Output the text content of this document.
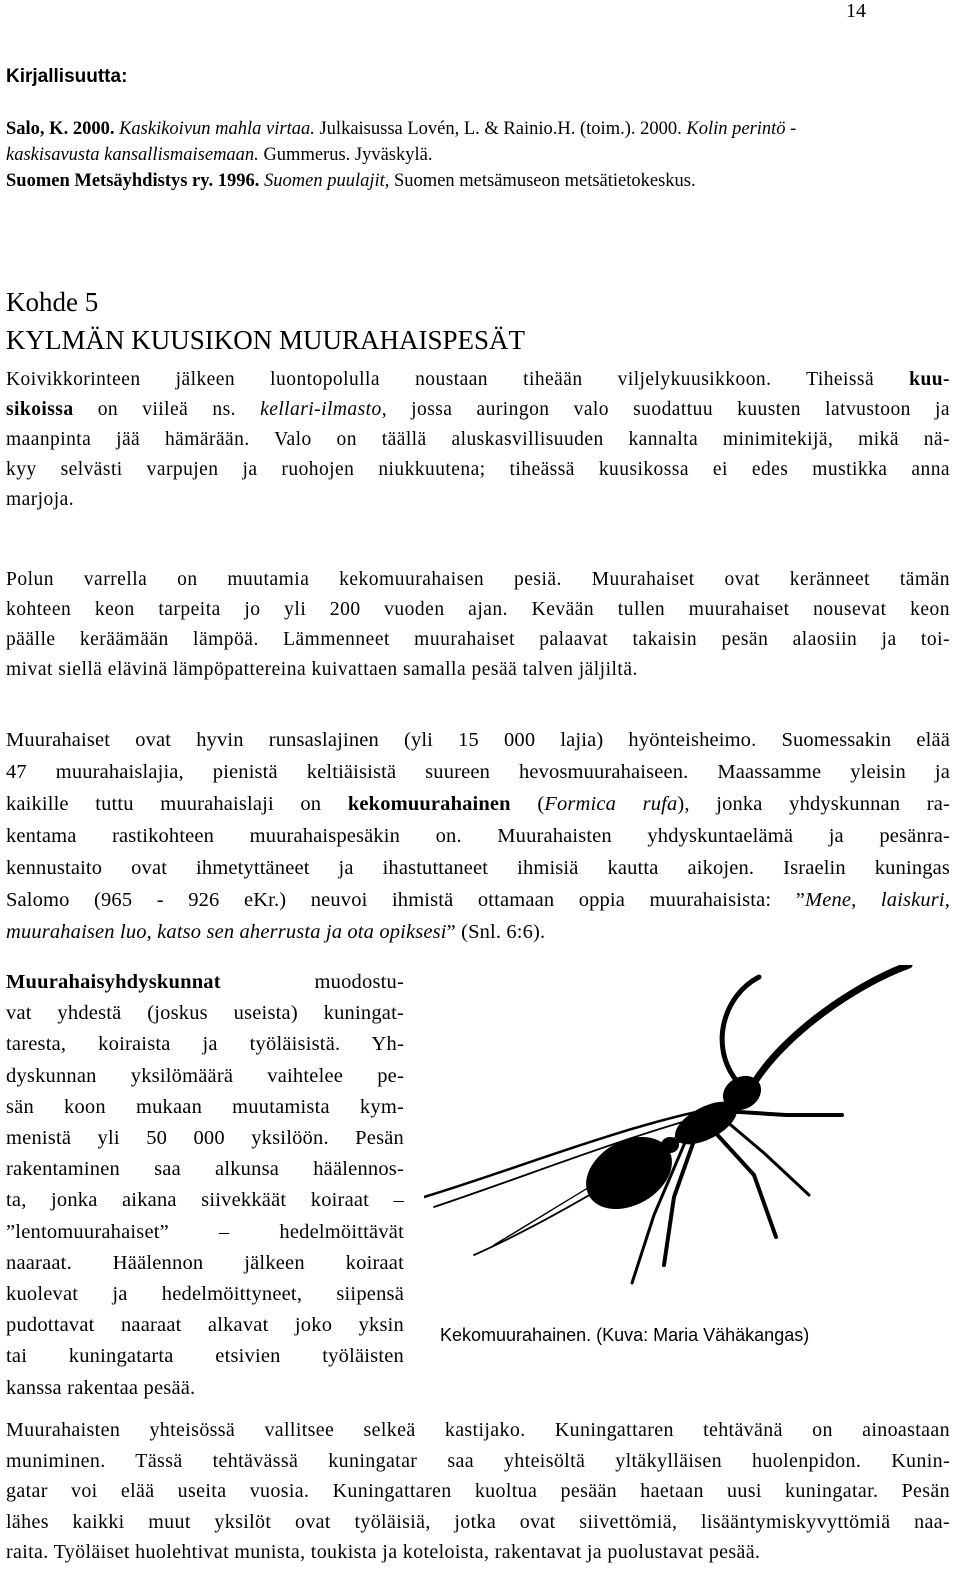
14
Kirjallisuutta:
Salo, K. 2000. Kaskikoivun mahla virtaa. Julkaisussa Lovén, L. & Rainio.H. (toim.). 2000. Kolin perintö -
kaskisavusta kansallismaisemaan. Gummerus. Jyväskylä.
Suomen Metsäyhdistys ry. 1996. Suomen puulajit, Suomen metsämuseon metsätietokeskus.
Kohde 5
KYLMÄN KUUSIKON MUURAHAISPESÄT
Koivikkorinteen jälkeen luontopolulla noustaan tiheään viljelykuusikkoon. Tiheissä kuu-
sikoissa on viileä ns. kellari-ilmasto, jossa auringon valo suodattuu kuusten latvustoon ja
maanpinta jää hämärään. Valo on täällä aluskasvillisuuden kannalta minimitekijä, mikä nä-
kyy selvästi varpujen ja ruohojen niukkuutena; tiheässä kuusikossa ei edes mustikka anna
marjoja.
Polun varrella on muutamia kekomuurahaisen pesiä. Muurahaiset ovat keränneet tämän
kohteen keon tarpeita jo yli 200 vuoden ajan. Kevään tullen muurahaiset nousevat keon
päälle keräämään lämpöä. Lämmenneet muurahaiset palaavat takaisin pesän alaosiin ja toi-
mivat siellä elävinä lämpöpattereina kuivattaen samalla pesää talven jäljiltä.
Muurahaiset ovat hyvin runsaslajinen (yli 15 000 lajia) hyönteisheimo. Suomessakin elää
47 muurahaislajia, pienistä keltiäisistä suureen hevosmuurahaiseen. Maassamme yleisin ja
kaikille tuttu muurahaislaji on kekomuurahainen (Formica rufa), jonka yhdyskunnan ra-
kentama rastikohteen muurahaispesäkin on. Muurahaisten yhdyskuntaelämä ja pesänra-
kennustaito ovat ihmetyttäneet ja ihastuttaneet ihmisiä kautta aikojen. Israelin kuningas
Salomo (965 - 926 eKr.) neuvoi ihmistä ottamaan oppia muurahaisista: ”Mene, laiskuri,
muurahaisen luo, katso sen aherrusta ja ota opiksesi” (Snl. 6:6).
Muurahaisyhdyskunnat muodostu-
vat yhdestä (joskus useista) kuningat-
taresta, koiraista ja työläisistä. Yh-
dyskunnan yksilömäärä vaihtelee pe-
sän koon mukaan muutamista kym-
menistä yli 50 000 yksilöön. Pesän
rakentaminen saa alkunsa häälennos-
ta, jonka aikana siivekkäät koiraat –
”lentomuurahaiset” – hedelmöittävät
naaraat. Häälennon jälkeen koiraat
kuolevat ja hedelmöittyneet, siipensä
pudottavat naaraat alkavat joko yksin
tai kuningatarta etsivien työläisten
kanssa rakentaa pesää.
Kekomuurahainen. (Kuva: Maria Vähäkangas)
Muurahaisten yhteisössä vallitsee selkeä kastijako. Kuningattaren tehtävänä on ainoastaan
muniminen. Tässä tehtävässä kuningatar saa yhteisöltä yltäkylläisen huolenpidon. Kunin-
gatar voi elää useita vuosia. Kuningattaren kuoltua pesään haetaan uusi kuningatar. Pesän
lähes kaikki muut yksilöt ovat työläisiä, jotka ovat siivettömiä, lisääntymiskyvyttömiä naa-
raita. Työläiset huolehtivat munista, toukista ja koteloista, rakentavat ja puolustavat pesää.
